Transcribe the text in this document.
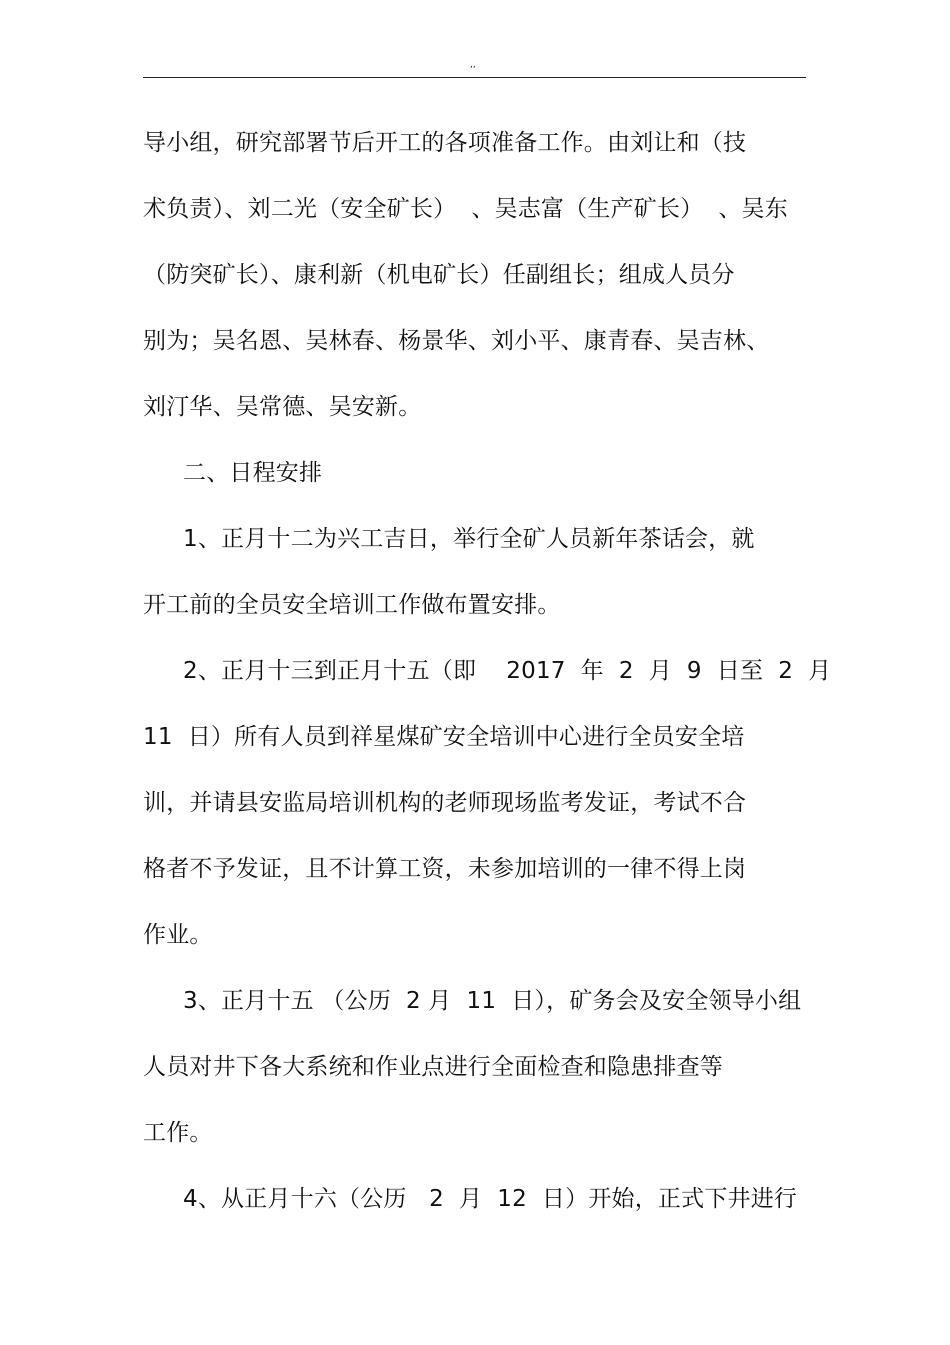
,,
导小组，研究部署节后开工的各项准备工作。由刘让和（技
术负责）、刘二光（安全矿长）  、吴志富（生产矿长）  、吴东
（防突矿长）、康利新（机电矿长）任副组长；组成人员分
别为；吴名恩、吴林春、杨景华、刘小平、康青春、吴吉林、
刘汀华、吴常德、吴安新。
二、日程安排
1、正月十二为兴工吉日，举行全矿人员新年茶话会，就
开工前的全员安全培训工作做布置安排。
2、正月十三到正月十五（即    2017  年  2  月  9  日至  2  月
11  日）所有人员到祥星煤矿安全培训中心进行全员安全培
训，并请县安监局培训机构的老师现场监考发证，考试不合
格者不予发证，且不计算工资，未参加培训的一律不得上岗
作业。
3、正月十五 （公历  2 月  11  日），矿务会及安全领导小组
人员对井下各大系统和作业点进行全面检查和隐患排查等
工作。
4、从正月十六（公历   2  月  12  日）开始，正式下井进行
